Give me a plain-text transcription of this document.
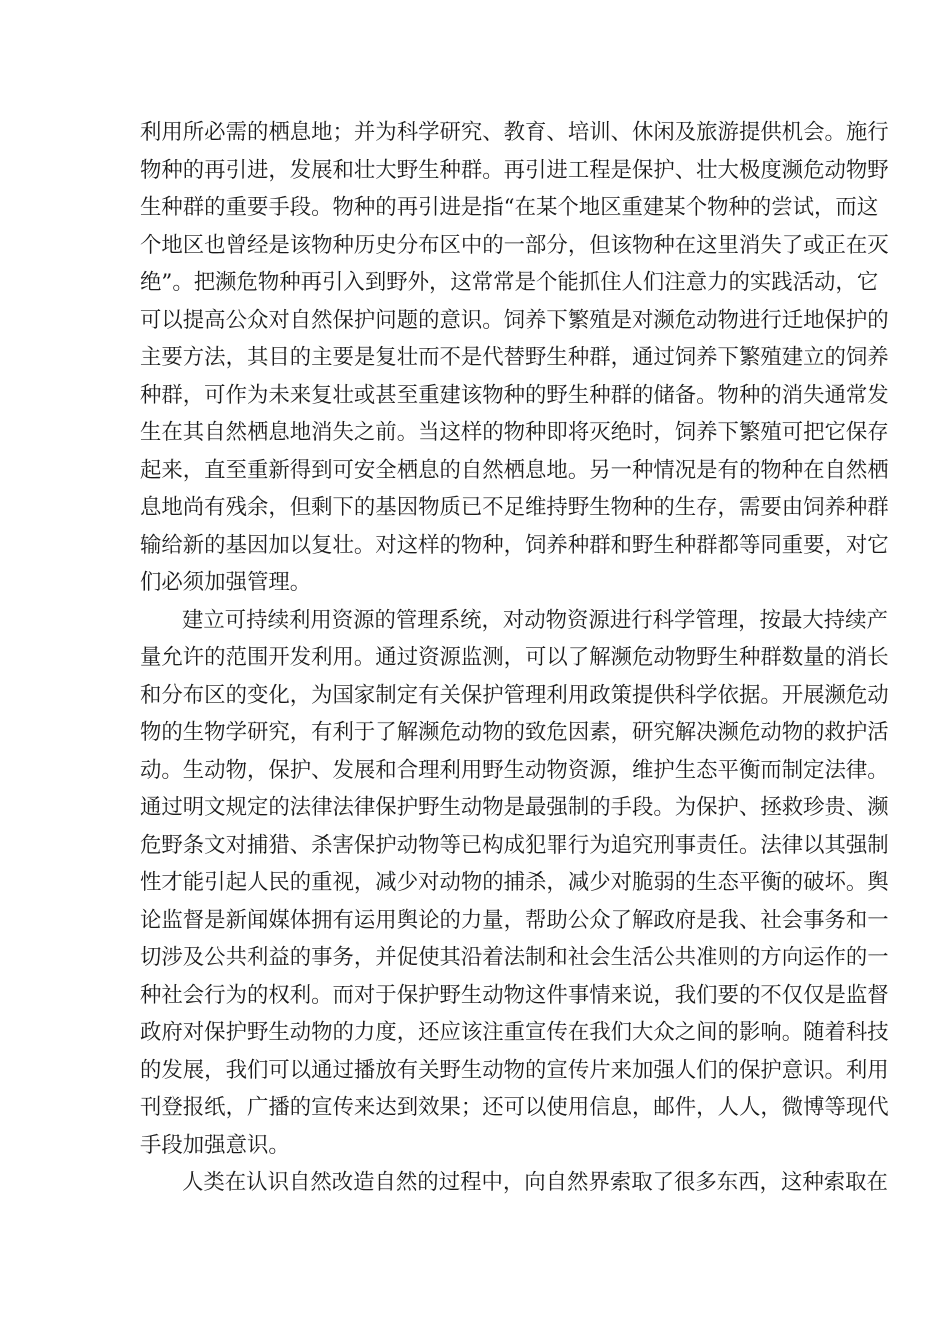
利用所必需的栖息地；并为科学研究、教育、培训、休闲及旅游提供机会。施行
物种的再引进，发展和壮大野生种群。再引进工程是保护、壮大极度濒危动物野
生种群的重要手段。物种的再引进是指“在某个地区重建某个物种的尝试，而这
个地区也曾经是该物种历史分布区中的一部分，但该物种在这里消失了或正在灭
绝”。把濒危物种再引入到野外，这常常是个能抓住人们注意力的实践活动，它
可以提高公众对自然保护问题的意识。饲养下繁殖是对濒危动物进行迁地保护的
主要方法，其目的主要是复壮而不是代替野生种群，通过饲养下繁殖建立的饲养
种群，可作为未来复壮或甚至重建该物种的野生种群的储备。物种的消失通常发
生在其自然栖息地消失之前。当这样的物种即将灭绝时，饲养下繁殖可把它保存
起来，直至重新得到可安全栖息的自然栖息地。另一种情况是有的物种在自然栖
息地尚有残余，但剩下的基因物质已不足维持野生物种的生存，需要由饲养种群
输给新的基因加以复壮。对这样的物种，饲养种群和野生种群都等同重要，对它
们必须加强管理。
建立可持续利用资源的管理系统，对动物资源进行科学管理，按最大持续产
量允许的范围开发利用。通过资源监测，可以了解濒危动物野生种群数量的消长
和分布区的变化，为国家制定有关保护管理利用政策提供科学依据。开展濒危动
物的生物学研究，有利于了解濒危动物的致危因素，研究解决濒危动物的救护活
动。生动物，保护、发展和合理利用野生动物资源，维护生态平衡而制定法律。
通过明文规定的法律法律保护野生动物是最强制的手段。为保护、拯救珍贵、濒
危野条文对捕猎、杀害保护动物等已构成犯罪行为追究刑事责任。法律以其强制
性才能引起人民的重视，减少对动物的捕杀，减少对脆弱的生态平衡的破坏。舆
论监督是新闻媒体拥有运用舆论的力量，帮助公众了解政府是我、社会事务和一
切涉及公共利益的事务，并促使其沿着法制和社会生活公共准则的方向运作的一
种社会行为的权利。而对于保护野生动物这件事情来说，我们要的不仅仅是监督
政府对保护野生动物的力度，还应该注重宣传在我们大众之间的影响。随着科技
的发展，我们可以通过播放有关野生动物的宣传片来加强人们的保护意识。利用
刊登报纸，广播的宣传来达到效果；还可以使用信息，邮件，人人，微博等现代
手段加强意识。
人类在认识自然改造自然的过程中，向自然界索取了很多东西，这种索取在
